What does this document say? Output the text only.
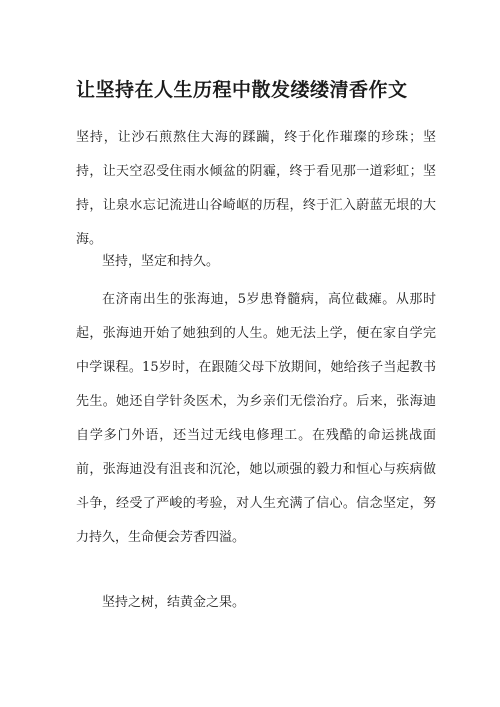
让坚持在人生历程中散发缕缕清香作文

坚持，让沙石煎熬住大海的蹂躏，终于化作璀璨的珍珠；坚持，让天空忍受住雨水倾盆的阴霾，终于看见那一道彩虹；坚持，让泉水忘记流进山谷崎岖的历程，终于汇入蔚蓝无垠的大海。

坚持，坚定和持久。

在济南出生的张海迪，5岁患脊髓病，高位截瘫。从那时起，张海迪开始了她独到的人生。她无法上学，便在家自学完中学课程。15岁时，在跟随父母下放期间，她给孩子当起教书先生。她还自学针灸医术，为乡亲们无偿治疗。后来，张海迪自学多门外语，还当过无线电修理工。在残酷的命运挑战面前，张海迪没有沮丧和沉沦，她以顽强的毅力和恒心与疾病做斗争，经受了严峻的考验，对人生充满了信心。信念坚定，努力持久，生命便会芳香四溢。

坚持之树，结黄金之果。
